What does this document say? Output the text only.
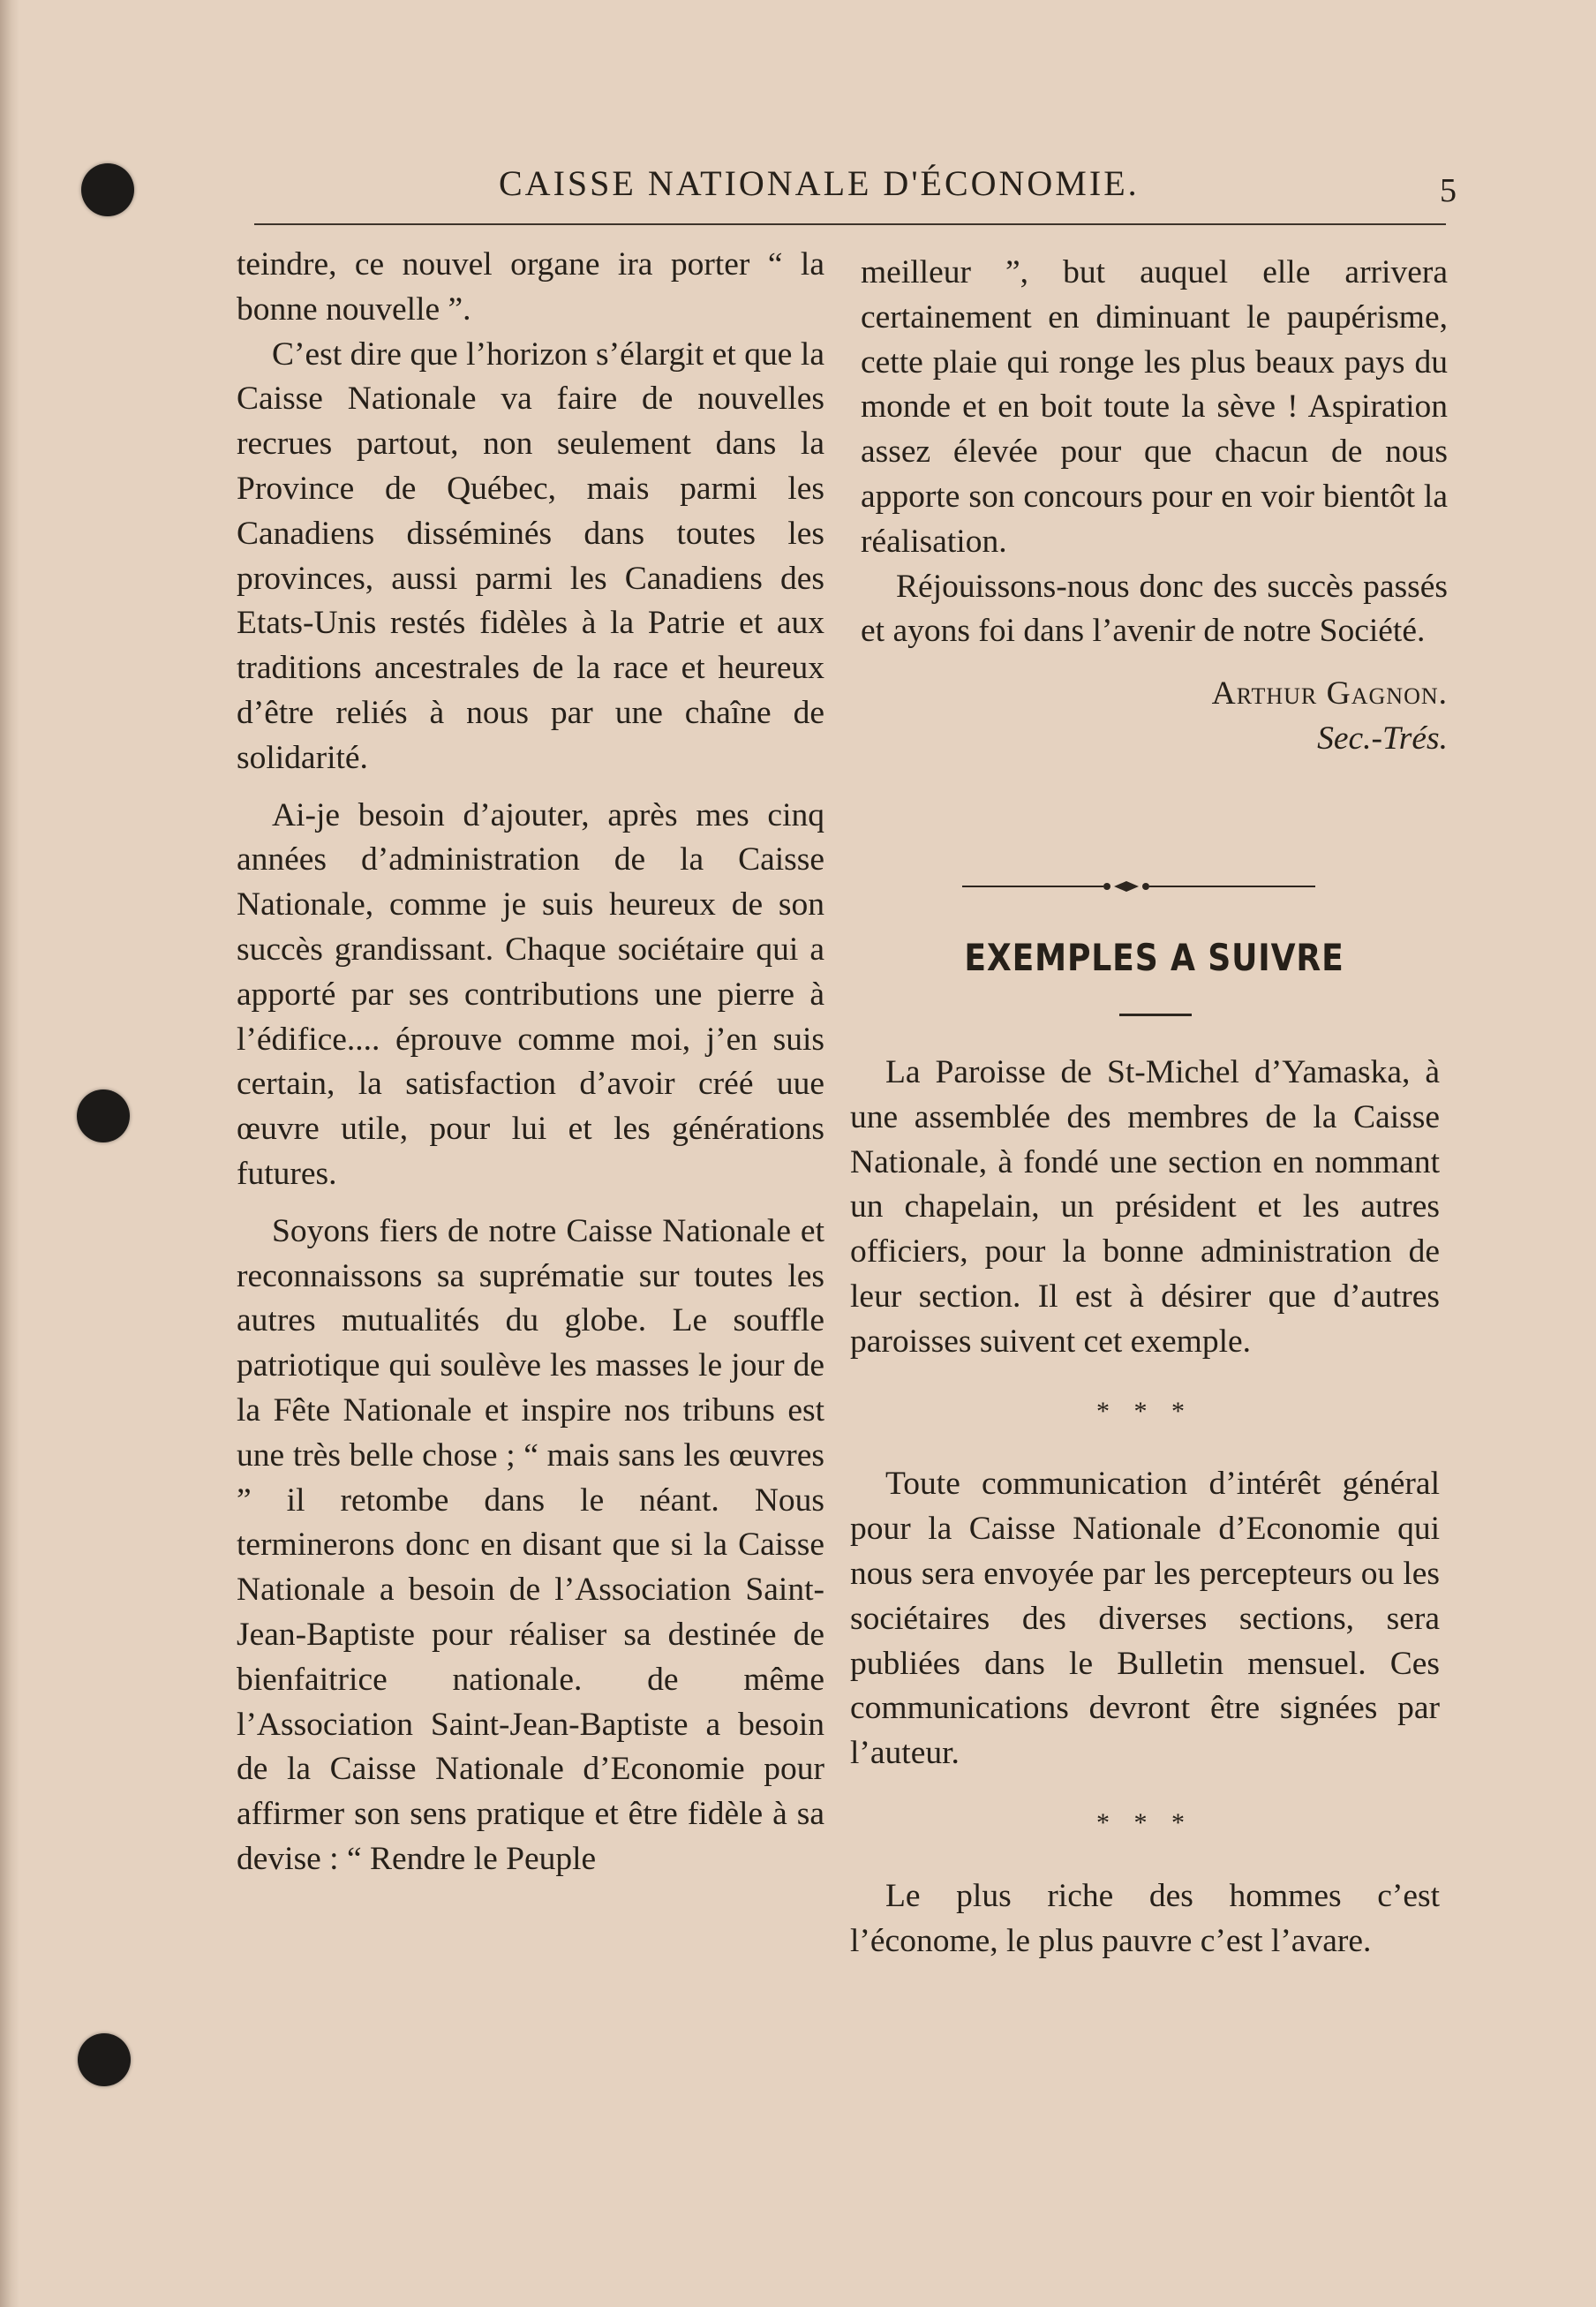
CAISSE NATIONALE D'ÉCONOMIE.	5

teindre, ce nouvel organe ira porter “ la bonne nouvelle ”.

C’est dire que l’horizon s’élargit et que la Caisse Nationale va faire de nouvelles recrues partout, non seulement dans la Province de Québec, mais parmi les Canadiens disséminés dans toutes les provinces, aussi parmi les Canadiens des Etats-Unis restés fidèles à la Patrie et aux traditions ancestrales de la race et heureux d’être reliés à nous par une chaîne de solidarité.

Ai-je besoin d’ajouter, après mes cinq années d’administration de la Caisse Nationale, comme je suis heureux de son succès grandissant. Chaque sociétaire qui a apporté par ses contributions une pierre à l’édifice.... éprouve comme moi, j’en suis certain, la satisfaction d’avoir créé uue œuvre utile, pour lui et les générations futures.

Soyons fiers de notre Caisse Nationale et reconnaissons sa suprématie sur toutes les autres mutualités du globe. Le souffle patriotique qui soulève les masses le jour de la Fête Nationale et inspire nos tribuns est une très belle chose ; “ mais sans les œuvres ” il retombe dans le néant. Nous terminerons donc en disant que si la Caisse Nationale a besoin de l’Association Saint-Jean-Baptiste pour réaliser sa destinée de bienfaitrice nationale. de même l’Association Saint-Jean-Baptiste a besoin de la Caisse Nationale d’Economie pour affirmer son sens pratique et être fidèle à sa devise : “ Rendre le Peuple

meilleur ”, but auquel elle arrivera certainement en diminuant le paupérisme, cette plaie qui ronge les plus beaux pays du monde et en boit toute la sève ! Aspiration assez élevée pour que chacun de nous apporte son concours pour en voir bientôt la réalisation.

Réjouissons-nous donc des succès passés et ayons foi dans l’avenir de notre Société.

Arthur Gagnon.
Sec.-Trés.
EXEMPLES A SUIVRE

La Paroisse de St-Michel d’Yamaska, à une assemblée des membres de la Caisse Nationale, à fondé une section en nommant un chapelain, un président et les autres officiers, pour la bonne administration de leur section. Il est à désirer que d’autres paroisses suivent cet exemple.

* * *

Toute communication d’intérêt général pour la Caisse Nationale d’Economie qui nous sera envoyée par les percepteurs ou les sociétaires des diverses sections, sera publiées dans le Bulletin mensuel. Ces communications devront être signées par l’auteur.

* * *

Le plus riche des hommes c’est l’économe, le plus pauvre c’est l’avare.
